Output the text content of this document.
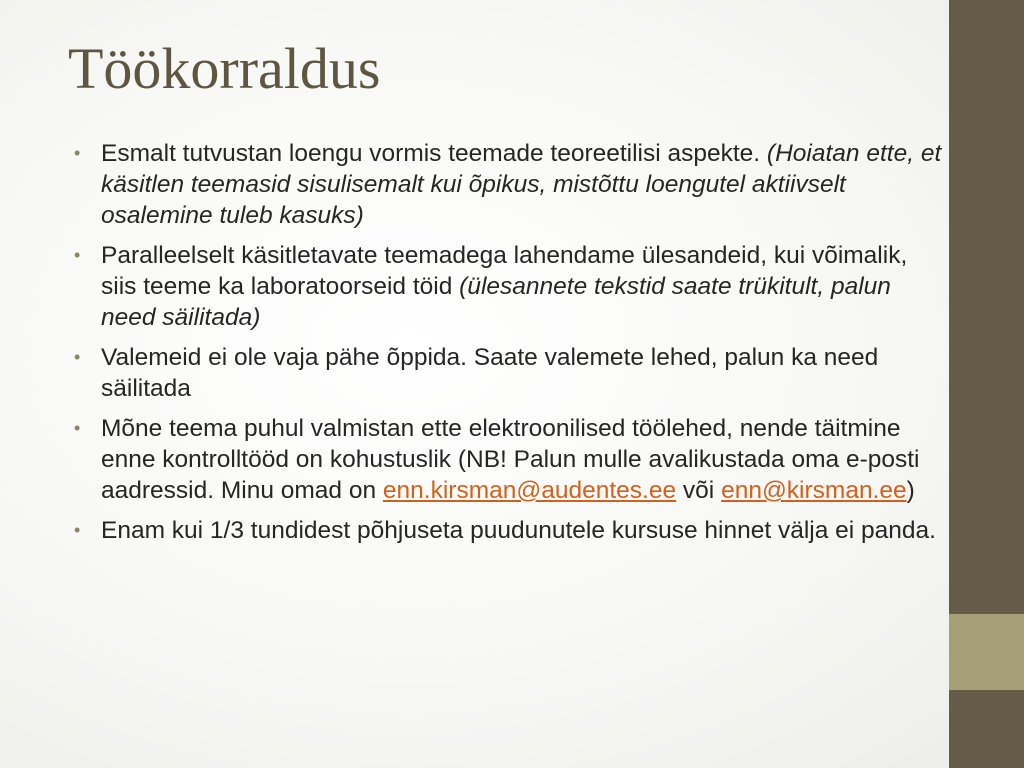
Töökorraldus
• Esmalt tutvustan loengu vormis teemade teoreetilisi aspekte. (Hoiatan ette, et käsitlen teemasid sisulisemalt kui õpikus, mistõttu loengutel aktiivselt osalemine tuleb kasuks)
• Paralleelselt käsitletavate teemadega lahendame ülesandeid, kui võimalik, siis teeme ka laboratoorseid töid (ülesannete tekstid saate trükitult, palun need säilitada)
• Valemeid ei ole vaja pähe õppida. Saate valemete lehed, palun ka need säilitada
• Mõne teema puhul valmistan ette elektroonilised töölehed, nende täitmine enne kontrolltööd on kohustuslik (NB! Palun mulle avalikustada oma e-posti aadressid. Minu omad on enn.kirsman@audentes.ee või enn@kirsman.ee)
• Enam kui 1/3 tundidest põhjuseta puudunutele kursuse hinnet välja ei panda.
